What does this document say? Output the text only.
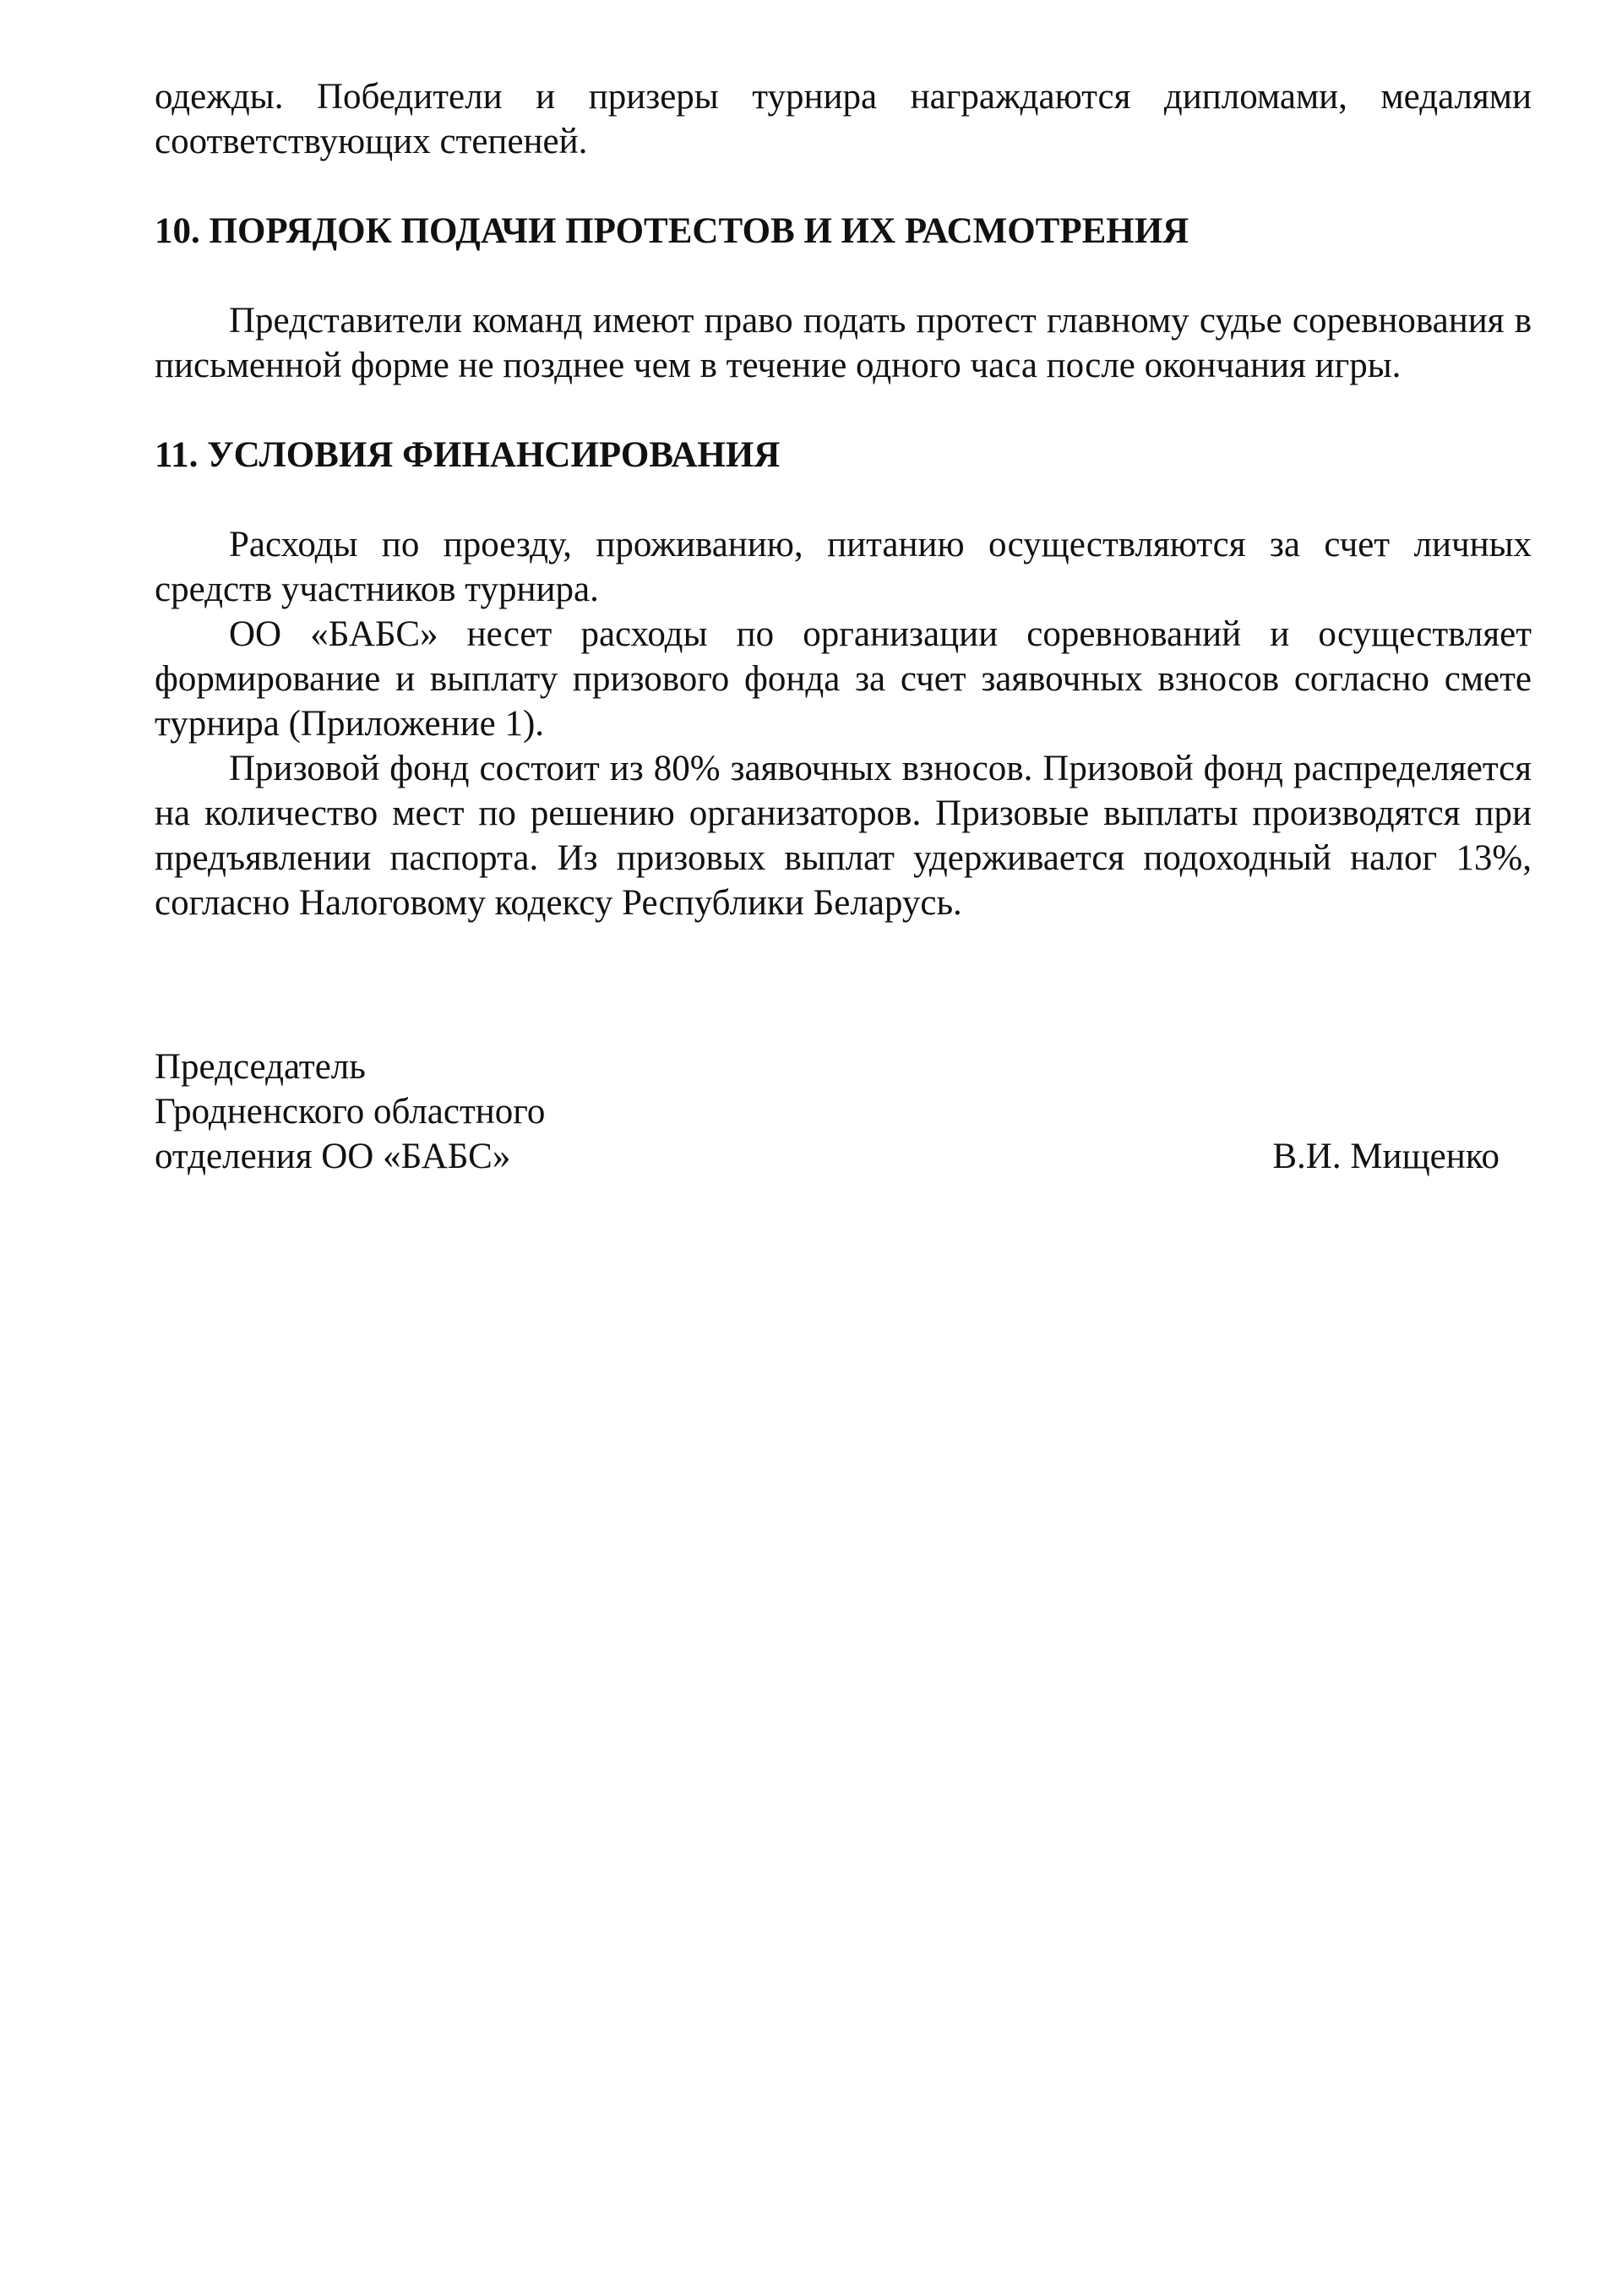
одежды. Победители и призеры турнира награждаются дипломами, медалями соответствующих степеней.

10. ПОРЯДОК ПОДАЧИ ПРОТЕСТОВ И ИХ РАСМОТРЕНИЯ

Представители команд имеют право подать протест главному судье соревнования в письменной форме не позднее чем в течение одного часа после окончания игры.

11. УСЛОВИЯ ФИНАНСИРОВАНИЯ

Расходы по проезду, проживанию, питанию осуществляются за счет личных средств участников турнира.

ОО «БАБС» несет расходы по организации соревнований и осуществляет формирование и выплату призового фонда за счет заявочных взносов согласно смете турнира (Приложение 1).

Призовой фонд состоит из 80% заявочных взносов. Призовой фонд распределяется на количество мест по решению организаторов. Призовые выплаты производятся при предъявлении паспорта. Из призовых выплат удерживается подоходный налог 13%, согласно Налоговому кодексу Республики Беларусь.

Председатель
Гродненского областного
отделения ОО «БАБС»	В.И. Мищенко
